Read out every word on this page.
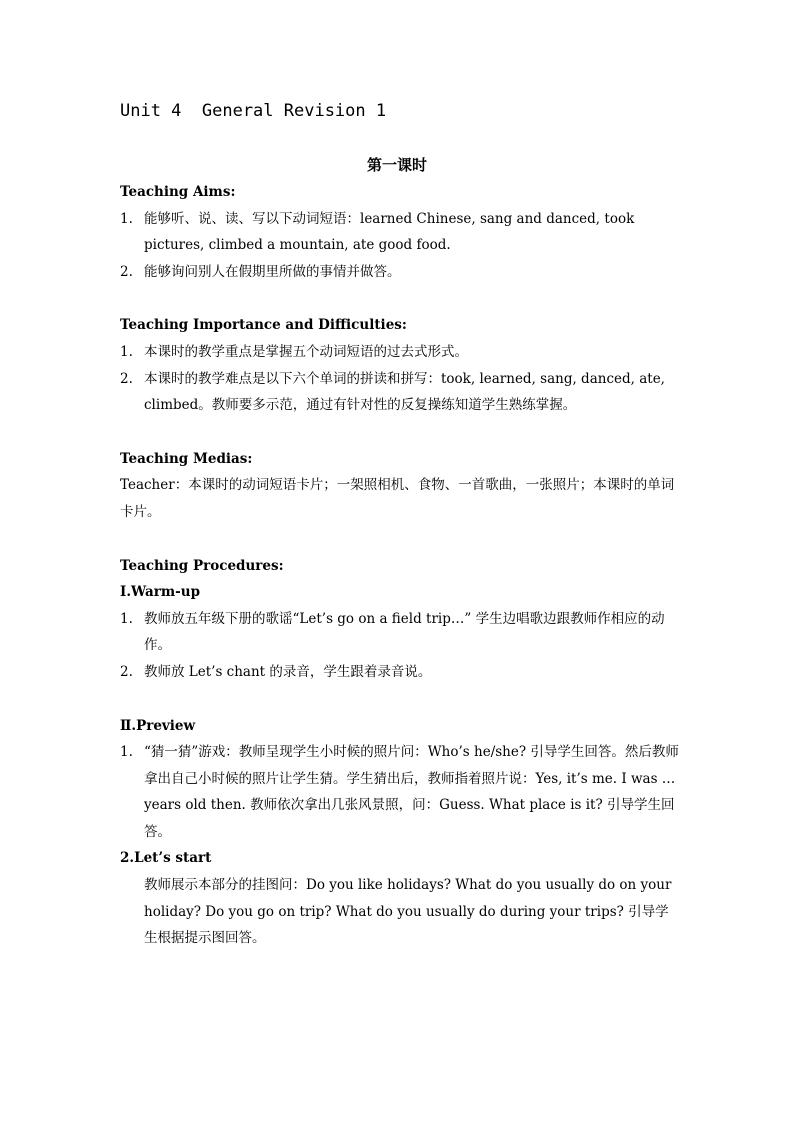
Unit 4  General Revision 1
第一课时
Teaching Aims:
1. 能够听、说、读、写以下动词短语：learned Chinese, sang and danced, took pictures, climbed a mountain, ate good food.
2. 能够询问别人在假期里所做的事情并做答。
Teaching Importance and Difficulties:
1. 本课时的教学重点是掌握五个动词短语的过去式形式。
2. 本课时的教学难点是以下六个单词的拼读和拼写：took, learned, sang, danced, ate, climbed。教师要多示范，通过有针对性的反复操练知道学生熟练掌握。
Teaching Medias:
Teacher：本课时的动词短语卡片；一架照相机、食物、一首歌曲，一张照片；本课时的单词卡片。
Teaching Procedures:
Ⅰ.Warm-up
1. 教师放五年级下册的歌谣“Let’s go on a field trip…” 学生边唱歌边跟教师作相应的动作。
2. 教师放 Let’s chant 的录音，学生跟着录音说。
Ⅱ.Preview
1. “猜一猜”游戏：教师呈现学生小时候的照片问：Who’s he/she? 引导学生回答。然后教师拿出自己小时候的照片让学生猜。学生猜出后，教师指着照片说：Yes, it’s me. I was … years old then. 教师依次拿出几张风景照，问：Guess. What place is it? 引导学生回答。
2.Let’s start
教师展示本部分的挂图问：Do you like holidays? What do you usually do on your holiday? Do you go on trip? What do you usually do during your trips? 引导学生根据提示图回答。
